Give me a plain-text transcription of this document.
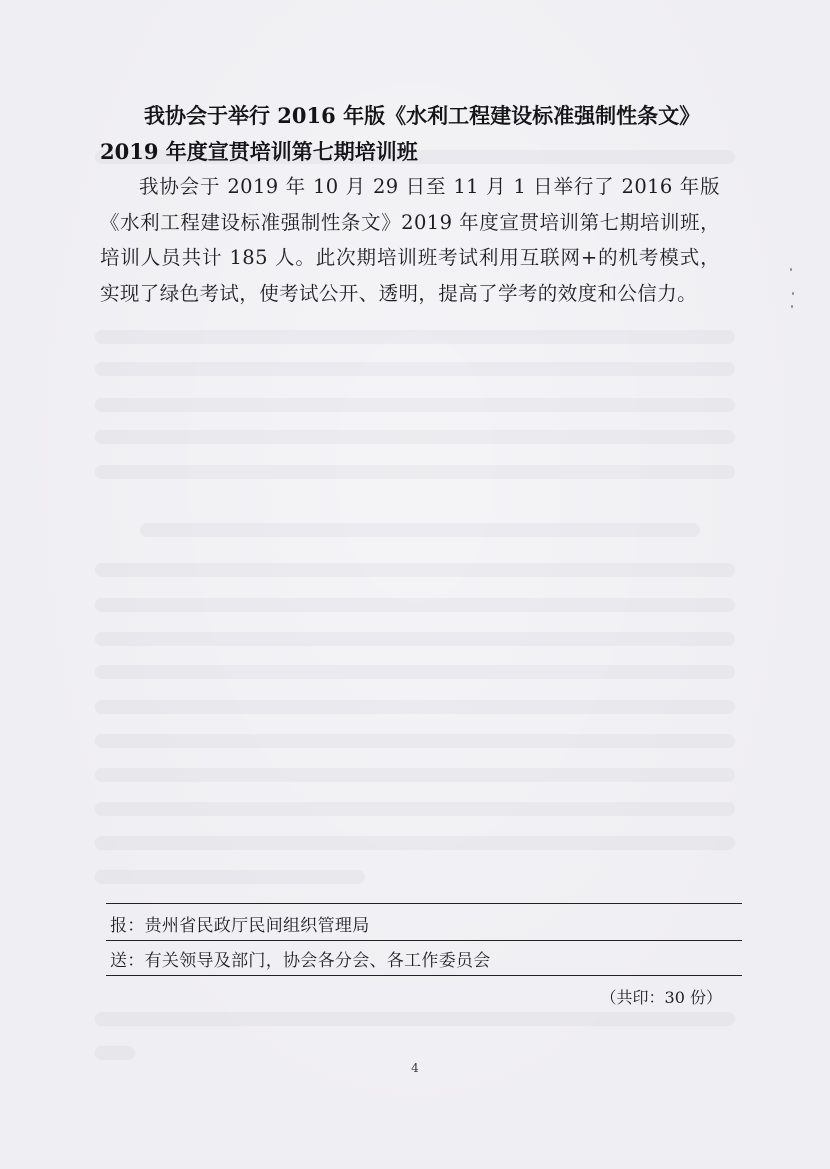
我协会于举行 2016 年版《水利工程建设标准强制性条文》
2019 年度宣贯培训第七期培训班
我协会于 2019 年 10 月 29 日至 11 月 1 日举行了 2016 年版《水利工程建设标准强制性条文》2019 年度宣贯培训第七期培训班，培训人员共计 185 人。此次期培训班考试利用互联网+的机考模式，实现了绿色考试，使考试公开、透明，提高了学考的效度和公信力。
报：贵州省民政厅民间组织管理局
送：有关领导及部门，协会各分会、各工作委员会
（共印：30 份）
4
